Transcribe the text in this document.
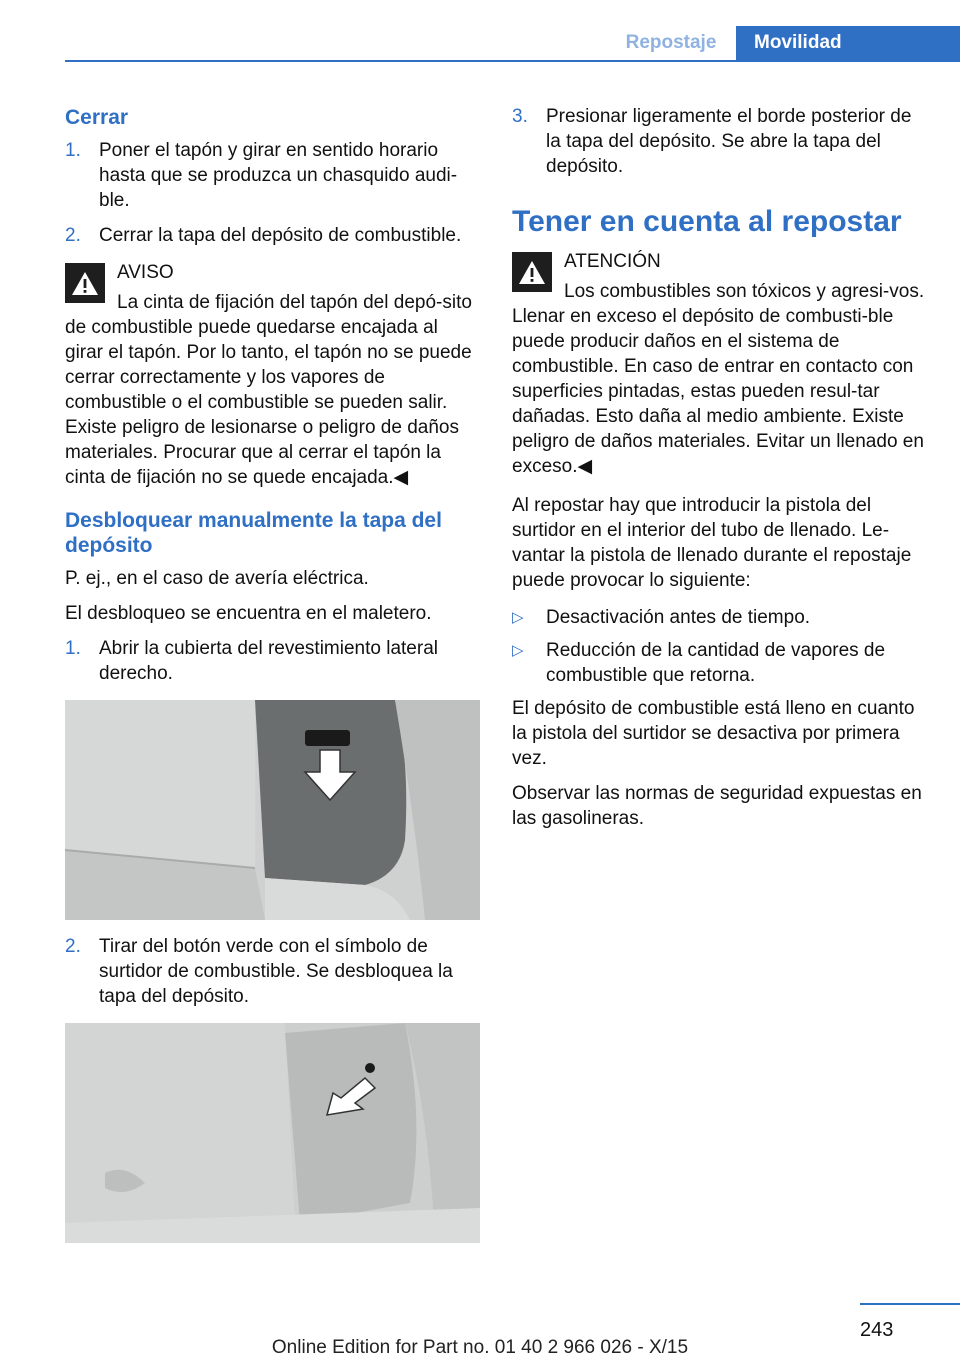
Repostaje	Movilidad
Cerrar
1. Poner el tapón y girar en sentido horario hasta que se produzca un chasquido audi‐ble.

2. Cerrar la tapa del depósito de combustible.

AVISO

La cinta de fijación del tapón del depó‐sito de combustible puede quedarse encajada al girar el tapón. Por lo tanto, el tapón no se puede cerrar correctamente y los vapores de combustible o el combustible se pueden salir. Existe peligro de lesionarse o peligro de daños materiales. Procurar que al cerrar el tapón la cinta de fijación no se quede encajada.◀

Desbloquear manualmente la tapa del depósito

P. ej., en el caso de avería eléctrica.

El desbloqueo se encuentra en el maletero.

1. Abrir la cubierta del revestimiento lateral derecho.

2. Tirar del botón verde con el símbolo de surtidor de combustible. Se desbloquea la tapa del depósito.

3. Presionar ligeramente el borde posterior de la tapa del depósito. Se abre la tapa del depósito.

Tener en cuenta al repostar

ATENCIÓN

Los combustibles son tóxicos y agresi‐vos. Llenar en exceso el depósito de combusti‐ble puede producir daños en el sistema de combustible. En caso de entrar en contacto con superficies pintadas, estas pueden resul‐tar dañadas. Esto daña al medio ambiente. Existe peligro de daños materiales. Evitar un llenado en exceso.◀

Al repostar hay que introducir la pistola del surtidor en el interior del tubo de llenado. Le‐vantar la pistola de llenado durante el repostaje puede provocar lo siguiente:

▷ Desactivación antes de tiempo.

▷ Reducción de la cantidad de vapores de combustible que retorna.

El depósito de combustible está lleno en cuanto la pistola del surtidor se desactiva por primera vez.

Observar las normas de seguridad expuestas en las gasolineras.

243
Online Edition for Part no. 01 40 2 966 026 - X/15
